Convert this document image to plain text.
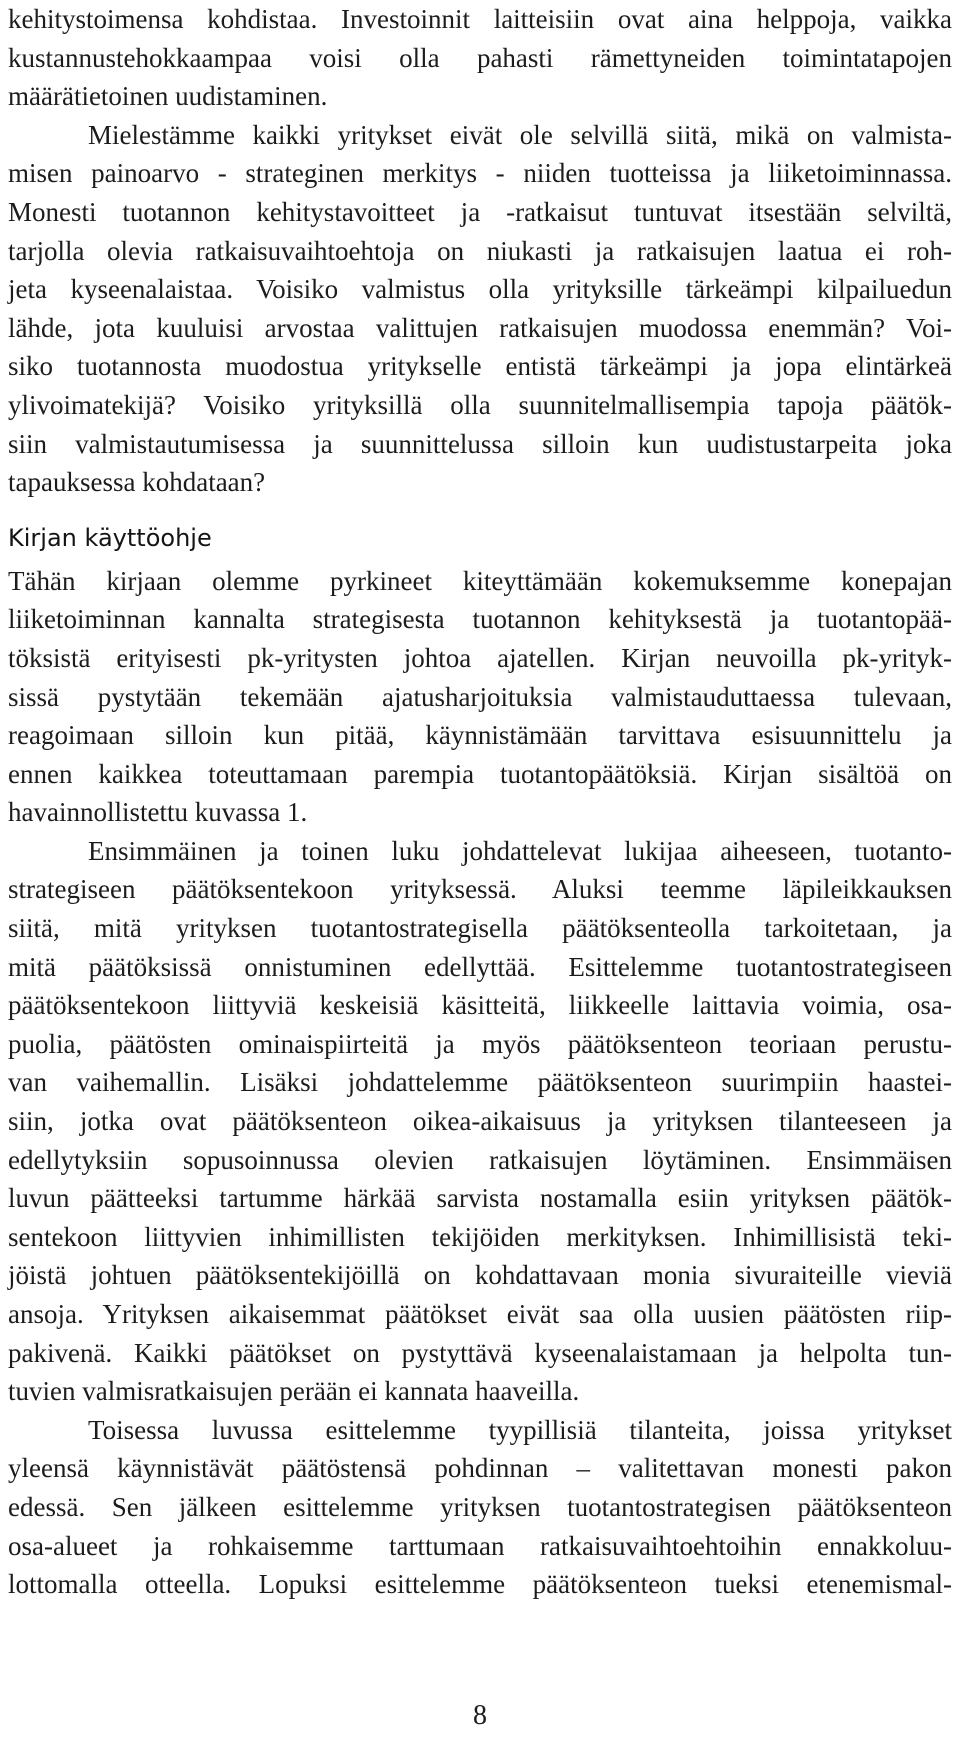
kehitystoimensa kohdistaa. Investoinnit laitteisiin ovat aina helppoja, vaikka
kustannustehokkaampaa voisi olla pahasti rämettyneiden toimintatapojen
määrätietoinen uudistaminen.
Mielestämme kaikki yritykset eivät ole selvillä siitä, mikä on valmista-
misen painoarvo - strateginen merkitys - niiden tuotteissa ja liiketoiminnassa.
Monesti tuotannon kehitystavoitteet ja -ratkaisut tuntuvat itsestään selviltä,
tarjolla olevia ratkaisuvaihtoehtoja on niukasti ja ratkaisujen laatua ei roh-
jeta kyseenalaistaa. Voisiko valmistus olla yrityksille tärkeämpi kilpailuedun
lähde, jota kuuluisi arvostaa valittujen ratkaisujen muodossa enemmän? Voi-
siko tuotannosta muodostua yritykselle entistä tärkeämpi ja jopa elintärkeä
ylivoimatekijä? Voisiko yrityksillä olla suunnitelmallisempia tapoja päätök-
siin valmistautumisessa ja suunnittelussa silloin kun uudistustarpeita joka
tapauksessa kohdataan?
Kirjan käyttöohje
Tähän kirjaan olemme pyrkineet kiteyttämään kokemuksemme konepajan
liiketoiminnan kannalta strategisesta tuotannon kehityksestä ja tuotantopää-
töksistä erityisesti pk-yritysten johtoa ajatellen. Kirjan neuvoilla pk-yrityk-
sissä pystytään tekemään ajatusharjoituksia valmistauduttaessa tulevaan,
reagoimaan silloin kun pitää, käynnistämään tarvittava esisuunnittelu ja
ennen kaikkea toteuttamaan parempia tuotantopäätöksiä. Kirjan sisältöä on
havainnollistettu kuvassa 1.
Ensimmäinen ja toinen luku johdattelevat lukijaa aiheeseen, tuotanto-
strategiseen päätöksentekoon yrityksessä. Aluksi teemme läpileikkauksen
siitä, mitä yrityksen tuotantostrategisella päätöksenteolla tarkoitetaan, ja
mitä päätöksissä onnistuminen edellyttää. Esittelemme tuotantostrategiseen
päätöksentekoon liittyviä keskeisiä käsitteitä, liikkeelle laittavia voimia, osa-
puolia, päätösten ominaispiirteitä ja myös päätöksenteon teoriaan perustu-
van vaihemallin. Lisäksi johdattelemme päätöksenteon suurimpiin haastei-
siin, jotka ovat päätöksenteon oikea-aikaisuus ja yrityksen tilanteeseen ja
edellytyksiin sopusoinnussa olevien ratkaisujen löytäminen. Ensimmäisen
luvun päätteeksi tartumme härkää sarvista nostamalla esiin yrityksen päätök-
sentekoon liittyvien inhimillisten tekijöiden merkityksen. Inhimillisistä teki-
jöistä johtuen päätöksentekijöillä on kohdattavaan monia sivuraiteille vieviä
ansoja. Yrityksen aikaisemmat päätökset eivät saa olla uusien päätösten riip-
pakivenä. Kaikki päätökset on pystyttävä kyseenalaistamaan ja helpolta tun-
tuvien valmisratkaisujen perään ei kannata haaveilla.
Toisessa luvussa esittelemme tyypillisiä tilanteita, joissa yritykset
yleensä käynnistävät päätöstensä pohdinnan – valitettavan monesti pakon
edessä. Sen jälkeen esittelemme yrityksen tuotantostrategisen päätöksenteon
osa-alueet ja rohkaisemme tarttumaan ratkaisuvaihtoehtoihin ennakkoluu-
lottomalla otteella. Lopuksi esittelemme päätöksenteon tueksi etenemismal-
8
